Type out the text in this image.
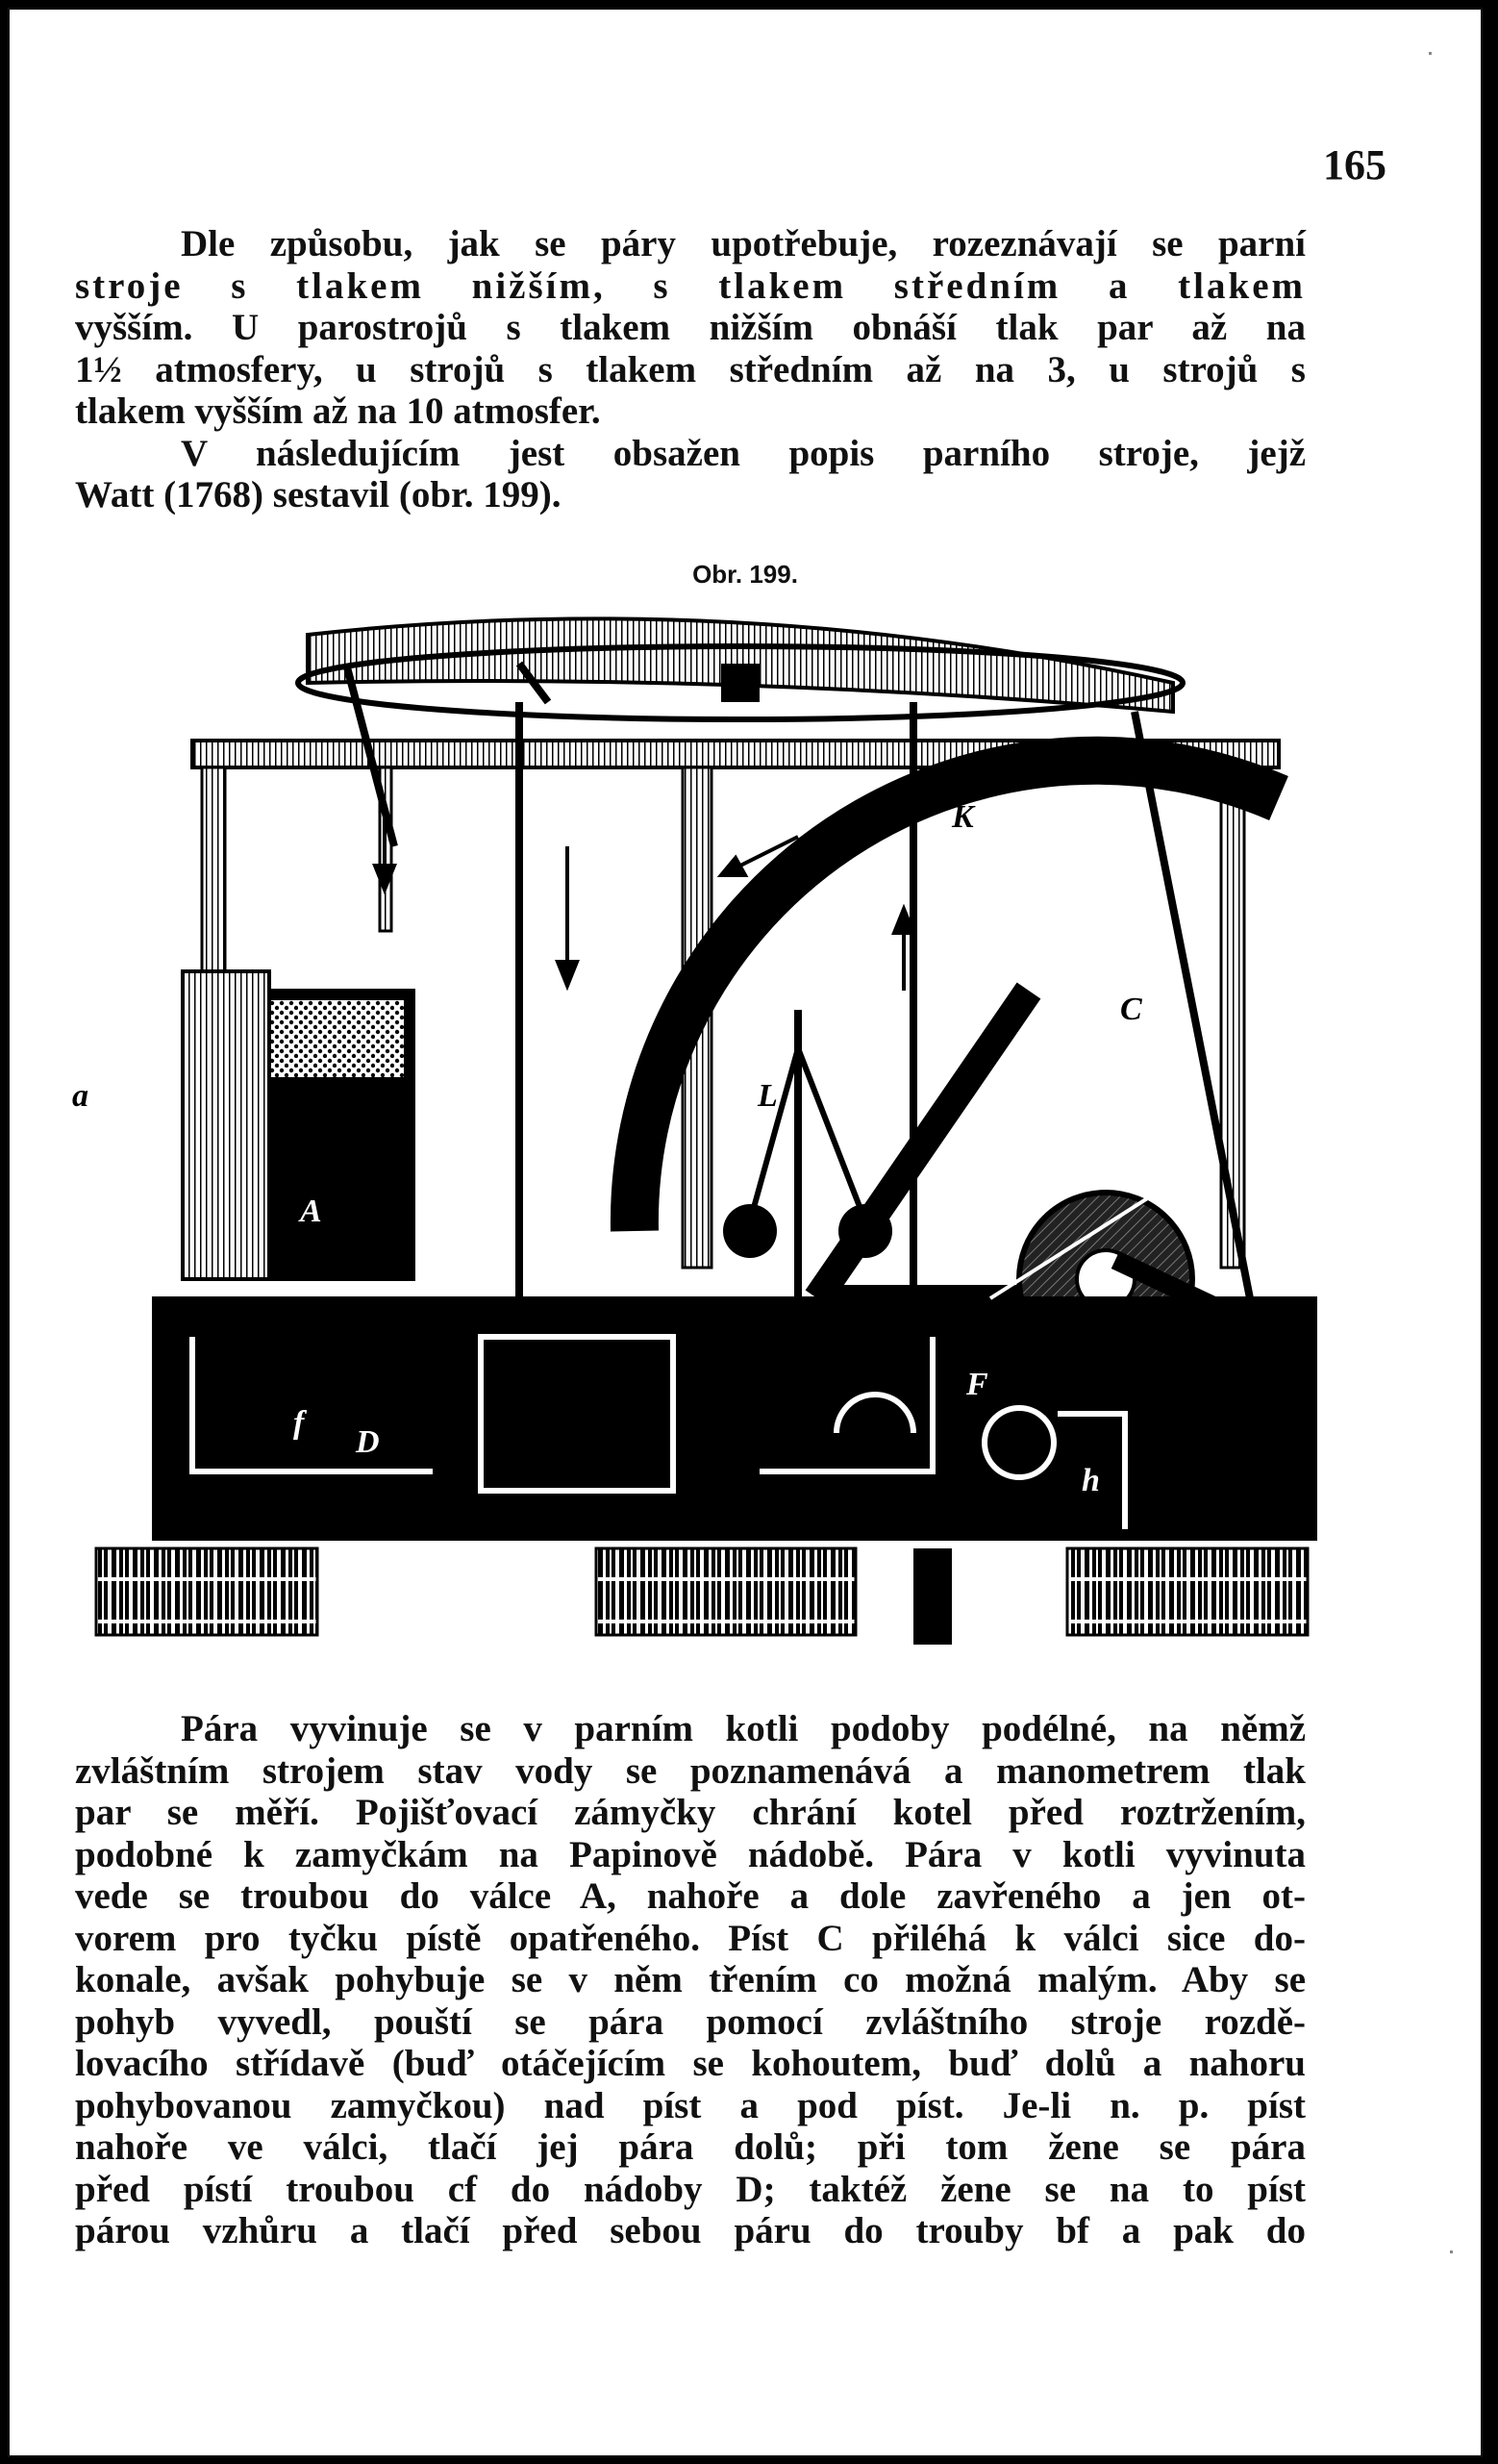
165
Dle způsobu, jak se páry upotřebuje, rozeznávají se parní
stroje s tlakem nižším, s tlakem středním a tlakem
vyšším. U parostrojů s tlakem nižším obnáší tlak par až na
1½ atmosfery, u strojů s tlakem středním až na 3, u strojů s
tlakem vyšším až na 10 atmosfer.
V následujícím jest obsažen popis parního stroje, jejž
Watt (1768) sestavil (obr. 199).
Obr. 199.
K
C
K	L
a
A
F
D
h
f
Pára vyvinuje se v parním kotli podoby podélné, na němž
zvláštním strojem stav vody se poznamenává a manometrem tlak
par se měří. Pojišťovací zámyčky chrání kotel před roztržením,
podobné k zamyčkám na Papinově nádobě. Pára v kotli vyvinuta
vede se troubou do válce A, nahoře a dole zavřeného a jen ot-
vorem pro tyčku pístě opatřeného. Píst C přiléhá k válci sice do-
konale, avšak pohybuje se v něm třením co možná malým. Aby se
pohyb vyvedl, pouští se pára pomocí zvláštního stroje rozdě-
lovacího střídavě (buď otáčejícím se kohoutem, buď dolů a nahoru
pohybovanou zamyčkou) nad píst a pod píst. Je-li n. p. píst
nahoře ve válci, tlačí jej pára dolů; při tom žene se pára
před pístí troubou cf do nádoby D; taktéž žene se na to píst
párou vzhůru a tlačí před sebou páru do trouby bf a pak do
